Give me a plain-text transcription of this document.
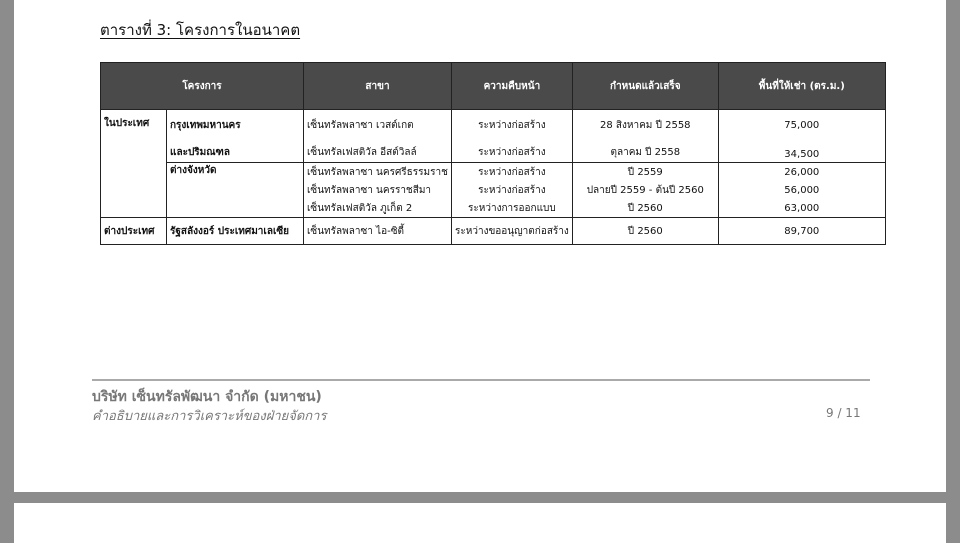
ตารางที่ 3: โครงการในอนาคต
โครงการ		สาขา	ความคืบหน้า	กำหนดแล้วเสร็จ	พื้นที่ให้เช่า (ตร.ม.)
ในประเทศ	กรุงเทพมหานคร	เซ็นทรัลพลาซา เวสต์เกต	ระหว่างก่อสร้าง	28 สิงหาคม ปี 2558	75,000
	และปริมณฑล	เซ็นทรัลเฟสติวัล อีสต์วิลล์	ระหว่างก่อสร้าง	ตุลาคม ปี 2558	34,500
	ต่างจังหวัด	เซ็นทรัลพลาซา นครศรีธรรมราช	ระหว่างก่อสร้าง	ปี 2559	26,000
		เซ็นทรัลพลาซา นครราชสีมา	ระหว่างก่อสร้าง	ปลายปี 2559 - ต้นปี 2560	56,000
		เซ็นทรัลเฟสติวัล ภูเก็ต 2	ระหว่างการออกแบบ	ปี 2560	63,000
ต่างประเทศ	รัฐสลังงอร์ ประเทศมาเลเซีย	เซ็นทรัลพลาซา ไอ-ซิตี้	ระหว่างขออนุญาตก่อสร้าง	ปี 2560	89,700
บริษัท เซ็นทรัลพัฒนา จำกัด (มหาชน)
คำอธิบายและการวิเคราะห์ของฝ่ายจัดการ	9 / 11
